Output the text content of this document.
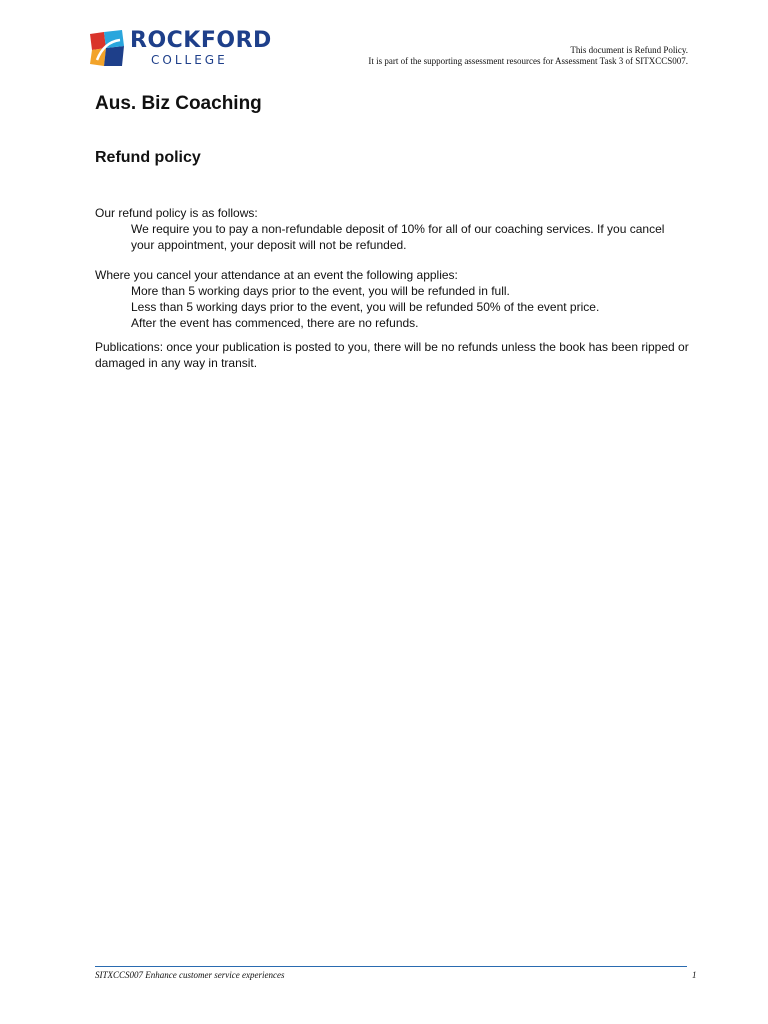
ROCKFORD
COLLEGE
This document is Refund Policy.
It is part of the supporting assessment resources for Assessment Task 3 of SITXCCS007.
Aus. Biz Coaching
Refund policy

Our refund policy is as follows:

We require you to pay a non-refundable deposit of 10% for all of our coaching services. If you cancel your appointment, your deposit will not be refunded.

Where you cancel your attendance at an event the following applies:

More than 5 working days prior to the event, you will be refunded in full.

Less than 5 working days prior to the event, you will be refunded 50% of the event price.

After the event has commenced, there are no refunds.

Publications: once your publication is posted to you, there will be no refunds unless the book has been ripped or damaged in any way in transit.

SITXCCS007 Enhance customer service experiences	1
